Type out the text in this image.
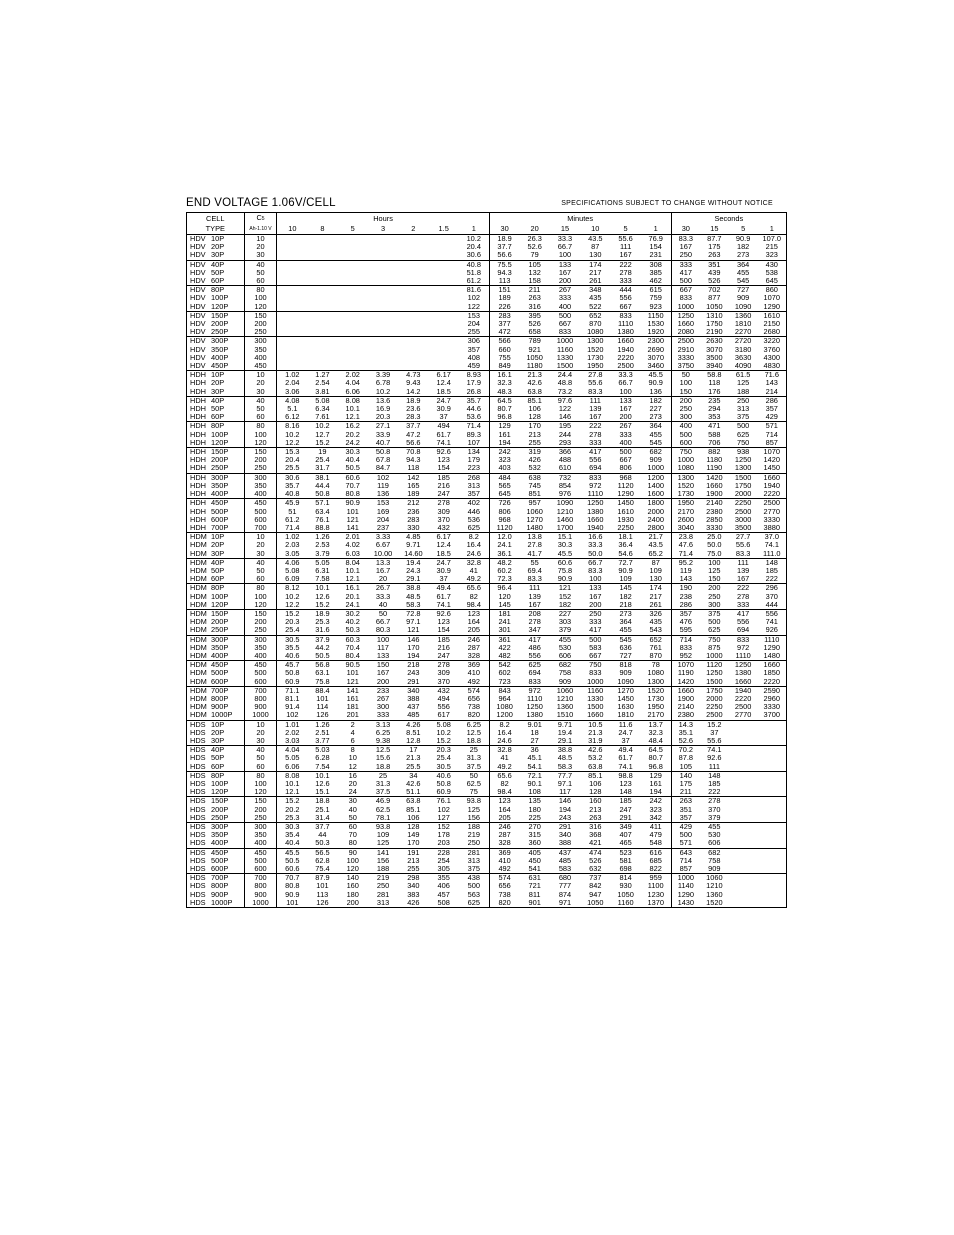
END VOLTAGE 1.06V/CELL	SPECIFICATIONS SUBJECT TO CHANGE WITHOUT NOTICE
CELL	C5	Hours							Minutes						Seconds			
TYPE	Ah-1.10 V	10	8	5	3	2	1.5	1	30	20	15	10	5	1	30	15	5	1
HDV 10P	10							10.2	18.9	26.3	33.3	43.5	55.6	76.9	83.3	87.7	90.9	107.0
HDV 20P	20							20.4	37.7	52.6	66.7	87	111	154	167	175	182	215
HDV 30P	30							30.6	56.6	79	100	130	167	231	250	263	273	323
HDV 40P	40							40.8	75.5	105	133	174	222	308	333	351	364	430
HDV 50P	50							51.8	94.3	132	167	217	278	385	417	439	455	538
HDV 60P	60							61.2	113	158	200	261	333	462	500	526	545	645
HDV 80P	80							81.6	151	211	267	348	444	615	667	702	727	860
HDV 100P	100							102	189	263	333	435	556	759	833	877	909	1070
HDV 120P	120							122	226	316	400	522	667	923	1000	1050	1090	1290
HDV 150P	150							153	283	395	500	652	833	1150	1250	1310	1360	1610
HDV 200P	200							204	377	526	667	870	1110	1530	1660	1750	1810	2150
HDV 250P	250							255	472	658	833	1080	1380	1920	2080	2190	2270	2680
HDV 300P	300							306	566	789	1000	1300	1660	2300	2500	2630	2720	3220
HDV 350P	350							357	660	921	1160	1520	1940	2690	2910	3070	3180	3760
HDV 400P	400							408	755	1050	1330	1730	2220	3070	3330	3500	3630	4300
HDV 450P	450							459	849	1180	1500	1950	2500	3460	3750	3940	4090	4830
HDH 10P	10	1.02	1.27	2.02	3.39	4.73	6.17	8.93	16.1	21.3	24.4	27.8	33.3	45.5	50	58.8	61.5	71.6
HDH 20P	20	2.04	2.54	4.04	6.78	9.43	12.4	17.9	32.3	42.6	48.8	55.6	66.7	90.9	100	118	125	143
HDH 30P	30	3.06	3.81	6.06	10.2	14.2	18.5	26.8	48.3	63.8	73.2	83.3	100	136	150	176	188	214
HDH 40P	40	4.08	5.08	8.08	13.6	18.9	24.7	35.7	64.5	85.1	97.6	111	133	182	200	235	250	286
HDH 50P	50	5.1	6.34	10.1	16.9	23.6	30.9	44.6	80.7	106	122	139	167	227	250	294	313	357
HDH 60P	60	6.12	7.61	12.1	20.3	28.3	37	53.6	96.8	128	146	167	200	273	300	353	375	429
HDH 80P	80	8.16	10.2	16.2	27.1	37.7	494	71.4	129	170	195	222	267	364	400	471	500	571
HDH 100P	100	10.2	12.7	20.2	33.9	47.2	61.7	89.3	161	213	244	278	333	455	500	588	625	714
HDH 120P	120	12.2	15.2	24.2	40.7	56.6	74.1	107	194	255	293	333	400	545	600	706	750	857
HDH 150P	150	15.3	19	30.3	50.8	70.8	92.6	134	242	319	366	417	500	682	750	882	938	1070
HDH 200P	200	20.4	25.4	40.4	67.8	94.3	123	179	323	426	488	556	667	909	1000	1180	1250	1420
HDH 250P	250	25.5	31.7	50.5	84.7	118	154	223	403	532	610	694	806	1000	1080	1190	1300	1450
HDH 300P	300	30.6	38.1	60.6	102	142	185	268	484	638	732	833	968	1200	1300	1420	1500	1660
HDH 350P	350	35.7	44.4	70.7	119	165	216	313	565	745	854	972	1120	1400	1520	1660	1750	1940
HDH 400P	400	40.8	50.8	80.8	136	189	247	357	645	851	976	1110	1290	1600	1730	1900	2000	2220
HDH 450P	450	45.9	57.1	90.9	153	212	278	402	726	957	1090	1250	1450	1800	1950	2140	2250	2500
HDH 500P	500	51	63.4	101	169	236	309	446	806	1060	1210	1380	1610	2000	2170	2380	2500	2770
HDH 600P	600	61.2	76.1	121	204	283	370	536	968	1270	1460	1660	1930	2400	2600	2850	3000	3330
HDH 700P	700	71.4	88.8	141	237	330	432	625	1120	1480	1700	1940	2250	2800	3040	3330	3500	3880
HDM 10P	10	1.02	1.26	2.01	3.33	4.85	6.17	8.2	12.0	13.8	15.1	16.6	18.1	21.7	23.8	25.0	27.7	37.0
HDM 20P	20	2.03	2.53	4.02	6.67	9.71	12.4	16.4	24.1	27.8	30.3	33.3	36.4	43.5	47.6	50.0	55.6	74.1
HDM 30P	30	3.05	3.79	6.03	10.00	14.60	18.5	24.6	36.1	41.7	45.5	50.0	54.6	65.2	71.4	75.0	83.3	111.0
HDM 40P	40	4.06	5.05	8.04	13.3	19.4	24.7	32.8	48.2	55	60.6	66.7	72.7	87	95.2	100	111	148
HDM 50P	50	5.08	6.31	10.1	16.7	24.3	30.9	41	60.2	69.4	75.8	83.3	90.9	109	119	125	139	185
HDM 60P	60	6.09	7.58	12.1	20	29.1	37	49.2	72.3	83.3	90.9	100	109	130	143	150	167	222
HDM 80P	80	8.12	10.1	16.1	26.7	38.8	49.4	65.6	96.4	111	121	133	145	174	190	200	222	296
HDM 100P	100	10.2	12.6	20.1	33.3	48.5	61.7	82	120	139	152	167	182	217	238	250	278	370
HDM 120P	120	12.2	15.2	24.1	40	58.3	74.1	98.4	145	167	182	200	218	261	286	300	333	444
HDM 150P	150	15.2	18.9	30.2	50	72.8	92.6	123	181	208	227	250	273	326	357	375	417	556
HDM 200P	200	20.3	25.3	40.2	66.7	97.1	123	164	241	278	303	333	364	435	476	500	556	741
HDM 250P	250	25.4	31.6	50.3	80.3	121	154	205	301	347	379	417	455	543	595	625	694	926
HDM 300P	300	30.5	37.9	60.3	100	146	185	246	361	417	455	500	545	652	714	750	833	1110
HDM 350P	350	35.5	44.2	70.4	117	170	216	287	422	486	530	583	636	761	833	875	972	1290
HDM 400P	400	40.6	50.5	80.4	133	194	247	328	482	556	606	667	727	870	952	1000	1110	1480
HDM 450P	450	45.7	56.8	90.5	150	218	278	369	542	625	682	750	818	78	1070	1120	1250	1660
HDM 500P	500	50.8	63.1	101	167	243	309	410	602	694	758	833	909	1080	1190	1250	1380	1850
HDM 600P	600	60.9	75.8	121	200	291	370	492	723	833	909	1000	1090	1300	1420	1500	1660	2220
HDM 700P	700	71.1	88.4	141	233	340	432	574	843	972	1060	1160	1270	1520	1660	1750	1940	2590
HDM 800P	800	81.1	101	161	267	388	494	656	964	1110	1210	1330	1450	1730	1900	2000	2220	2960
HDM 900P	900	91.4	114	181	300	437	556	738	1080	1250	1360	1500	1630	1950	2140	2250	2500	3330
HDM 1000P	1000	102	126	201	333	485	617	820	1200	1380	1510	1660	1810	2170	2380	2500	2770	3700
HDS 10P	10	1.01	1.26	2	3.13	4.26	5.08	6.25	8.2	9.01	9.71	10.5	11.6	13.7	14.3	15.2		
HDS 20P	20	2.02	2.51	4	6.25	8.51	10.2	12.5	16.4	18	19.4	21.3	24.7	32.3	35.1	37		
HDS 30P	30	3.03	3.77	6	9.38	12.8	15.2	18.8	24.6	27	29.1	31.9	37	48.4	52.6	55.6		
HDS 40P	40	4.04	5.03	8	12.5	17	20.3	25	32.8	36	38.8	42.6	49.4	64.5	70.2	74.1		
HDS 50P	50	5.05	6.28	10	15.6	21.3	25.4	31.3	41	45.1	48.5	53.2	61.7	80.7	87.8	92.6		
HDS 60P	60	6.06	7.54	12	18.8	25.5	30.5	37.5	49.2	54.1	58.3	63.8	74.1	96.8	105	111		
HDS 80P	80	8.08	10.1	16	25	34	40.6	50	65.6	72.1	77.7	85.1	98.8	129	140	148		
HDS 100P	100	10.1	12.6	20	31.3	42.6	50.8	62.5	82	90.1	97.1	106	123	161	175	185		
HDS 120P	120	12.1	15.1	24	37.5	51.1	60.9	75	98.4	108	117	128	148	194	211	222		
HDS 150P	150	15.2	18.8	30	46.9	63.8	76.1	93.8	123	135	146	160	185	242	263	278		
HDS 200P	200	20.2	25.1	40	62.5	85.1	102	125	164	180	194	213	247	323	351	370		
HDS 250P	250	25.3	31.4	50	78.1	106	127	156	205	225	243	263	291	342	357	379		
HDS 300P	300	30.3	37.7	60	93.8	128	152	188	246	270	291	316	349	411	429	455		
HDS 350P	350	35.4	44	70	109	149	178	219	287	315	340	368	407	479	500	530		
HDS 400P	400	40.4	50.3	80	125	170	203	250	328	360	388	421	465	548	571	606		
HDS 450P	450	45.5	56.5	90	141	191	228	281	369	405	437	474	523	616	643	682		
HDS 500P	500	50.5	62.8	100	156	213	254	313	410	450	485	526	581	685	714	758		
HDS 600P	600	60.6	75.4	120	188	255	305	375	492	541	583	632	698	822	857	909		
HDS 700P	700	70.7	87.9	140	219	298	355	438	574	631	680	737	814	959	1000	1060		
HDS 800P	800	80.8	101	160	250	340	406	500	656	721	777	842	930	1100	1140	1210		
HDS 900P	900	90.9	113	180	281	383	457	563	738	811	874	947	1050	1230	1290	1360		
HDS 1000P	1000	101	126	200	313	426	508	625	820	901	971	1050	1160	1370	1430	1520		
